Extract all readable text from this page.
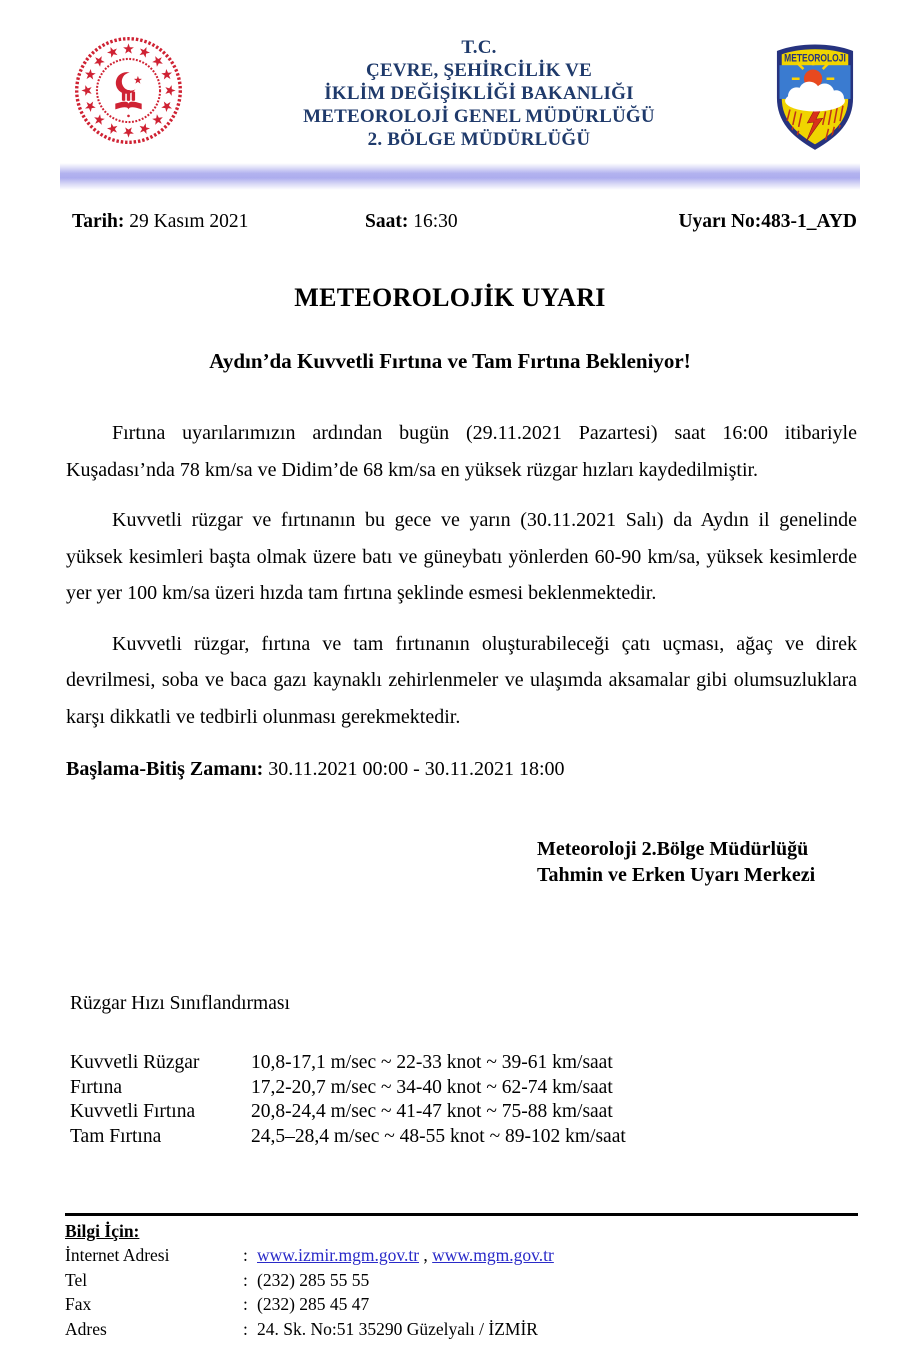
T.C.
ÇEVRE, ŞEHİRCİLİK VE
İKLİM DEĞİŞİKLİĞİ BAKANLIĞI
METEOROLOJİ GENEL MÜDÜRLÜĞÜ
2. BÖLGE MÜDÜRLÜĞÜ
METEOROLOJİ
Tarih: 29 Kasım 2021	Saat: 16:30	Uyarı No:483-1_AYD
METEOROLOJİK UYARI
Aydın’da Kuvvetli Fırtına ve Tam Fırtına Bekleniyor!

Fırtına uyarılarımızın ardından bugün (29.11.2021 Pazartesi) saat 16:00 itibariyle Kuşadası’nda 78 km/sa ve Didim’de 68 km/sa en yüksek rüzgar hızları kaydedilmiştir.

Kuvvetli rüzgar ve fırtınanın bu gece ve yarın (30.11.2021 Salı) da Aydın il genelinde yüksek kesimleri başta olmak üzere batı ve güneybatı yönlerden 60-90 km/sa, yüksek kesimlerde yer yer 100 km/sa üzeri hızda tam fırtına şeklinde esmesi beklenmektedir.

Kuvvetli rüzgar, fırtına ve tam fırtınanın oluşturabileceği çatı uçması, ağaç ve direk devrilmesi, soba ve baca gazı kaynaklı zehirlenmeler ve ulaşımda aksamalar gibi olumsuzluklara karşı dikkatli ve tedbirli olunması gerekmektedir.

Başlama-Bitiş Zamanı: 30.11.2021 00:00 - 30.11.2021 18:00
Meteoroloji 2.Bölge Müdürlüğü
Tahmin ve Erken Uyarı Merkezi
Rüzgar Hızı Sınıflandırması
Kuvvetli Rüzgar	10,8-17,1 m/sec ~ 22-33 knot ~ 39-61 km/saat
Fırtına	17,2-20,7 m/sec ~ 34-40 knot ~ 62-74 km/saat
Kuvvetli Fırtına	20,8-24,4 m/sec ~ 41-47 knot ~ 75-88 km/saat
Tam Fırtına	24,5–28,4 m/sec ~ 48-55 knot ~ 89-102 km/saat
Bilgi İçin:
İnternet Adresi	: www.izmir.mgm.gov.tr , www.mgm.gov.tr
Tel	: (232) 285 55 55
Fax	: (232) 285 45 47
Adres	: 24. Sk. No:51 35290 Güzelyalı / İZMİR
